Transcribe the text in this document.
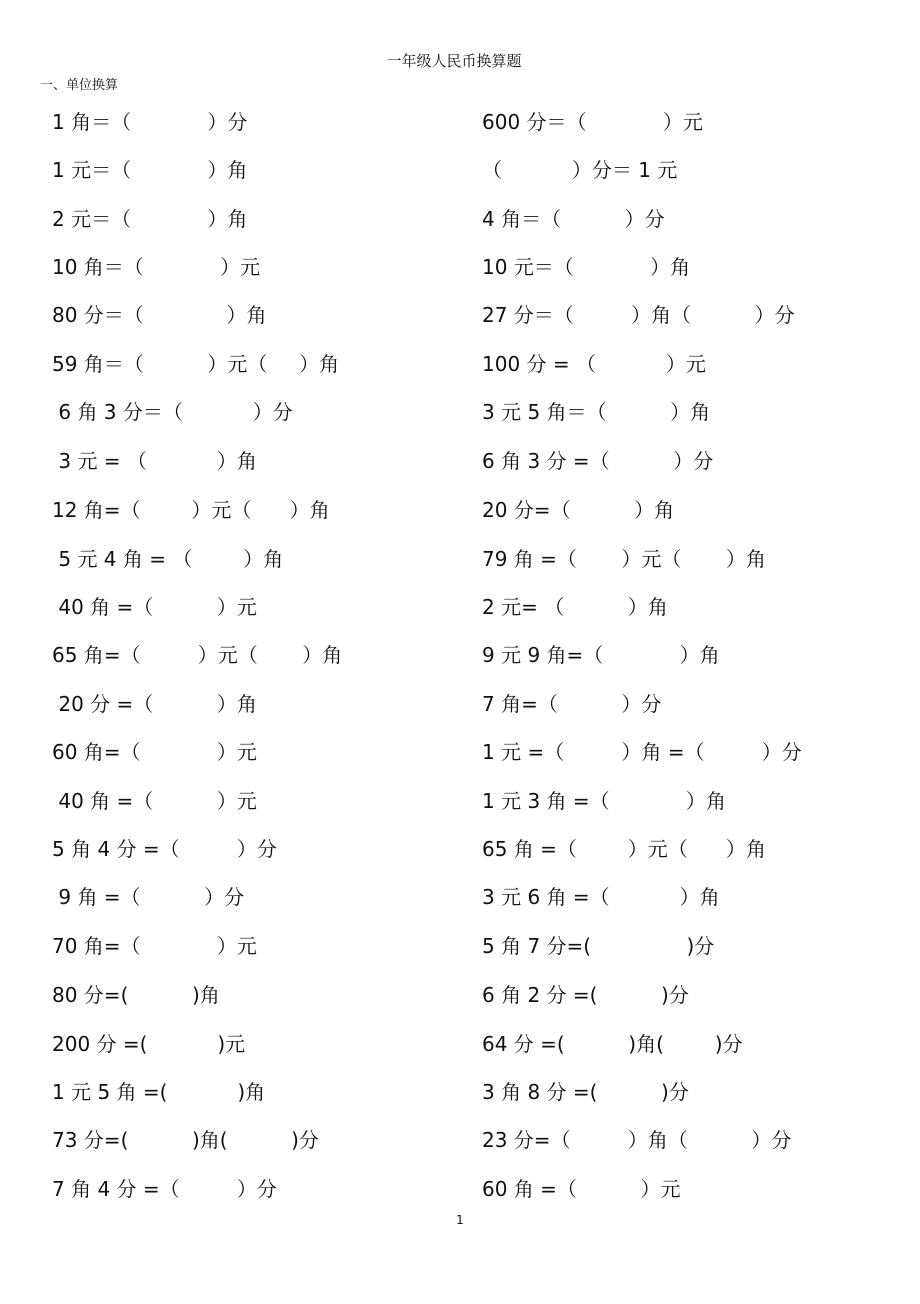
一年级人民币换算题
一、单位换算
1 角＝（            ）分
1 元＝（            ）角
2 元＝（            ）角
10 角＝（            ）元
80 分＝（             ）角
59 角＝（          ）元（     ）角
6 角 3 分＝（           ）分
3 元 = （           ）角
12 角=（        ）元（      ）角
5 元 4 角 = （        ）角
40 角 =（          ）元
65 角=（         ）元（       ）角
20 分 =（          ）角
60 角=（            ）元
40 角 =（          ）元
5 角 4 分 =（         ）分
9 角 =（          ）分
70 角=（            ）元
80 分=(          )角
200 分 =(           )元
1 元 5 角 =(           )角
73 分=(          )角(          )分
7 角 4 分 =（         ）分
600 分＝（            ）元
（           ）分＝ 1 元
4 角＝（          ）分
10 元＝（            ）角
27 分＝（         ）角（          ）分
100 分 = （           ）元
3 元 5 角＝（          ）角
6 角 3 分 =（          ）分
20 分=（          ）角
79 角 =（       ）元（       ）角
2 元= （          ）角
9 元 9 角=（            ）角
7 角=（          ）分
1 元 =（         ）角 =（         ）分
1 元 3 角 =（            ）角
65 角 =（        ）元（      ）角
3 元 6 角 =（           ）角
5 角 7 分=(               )分
6 角 2 分 =(          )分
64 分 =(          )角(        )分
3 角 8 分 =(          )分
23 分=（         ）角（          ）分
60 角 =（          ）元
1
